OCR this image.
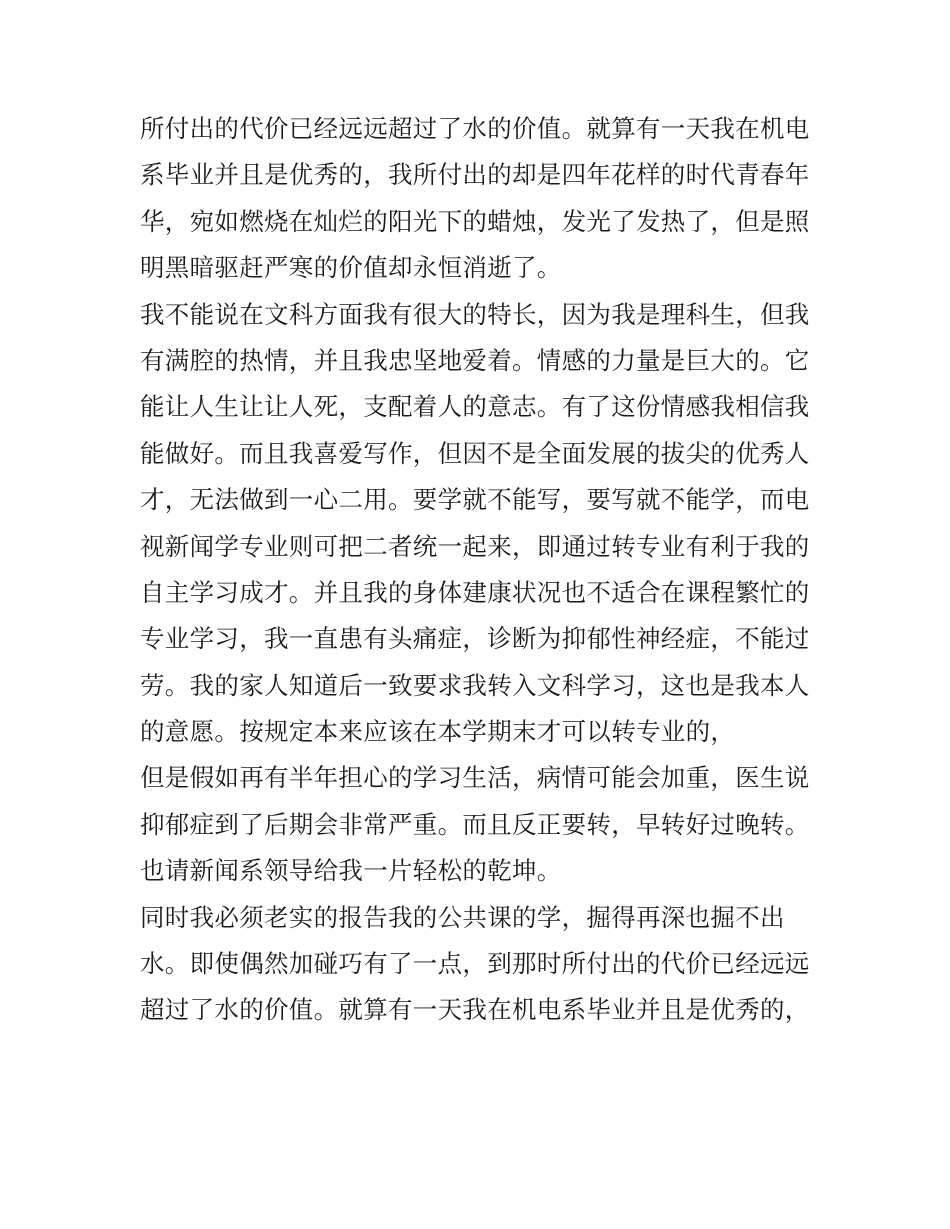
所付出的代价已经远远超过了水的价值。就算有一天我在机电
系毕业并且是优秀的，我所付出的却是四年花样的时代青春年
华，宛如燃烧在灿烂的阳光下的蜡烛，发光了发热了，但是照
明黑暗驱赶严寒的价值却永恒消逝了。
我不能说在文科方面我有很大的特长，因为我是理科生，但我
有满腔的热情，并且我忠坚地爱着。情感的力量是巨大的。它
能让人生让让人死，支配着人的意志。有了这份情感我相信我
能做好。而且我喜爱写作，但因不是全面发展的拔尖的优秀人
才，无法做到一心二用。要学就不能写，要写就不能学，而电
视新闻学专业则可把二者统一起来，即通过转专业有利于我的
自主学习成才。并且我的身体建康状况也不适合在课程繁忙的
专业学习，我一直患有头痛症，诊断为抑郁性神经症，不能过
劳。我的家人知道后一致要求我转入文科学习，这也是我本人
的意愿。按规定本来应该在本学期末才可以转专业的，
但是假如再有半年担心的学习生活，病情可能会加重，医生说
抑郁症到了后期会非常严重。而且反正要转，早转好过晚转。
也请新闻系领导给我一片轻松的乾坤。
同时我必须老实的报告我的公共课的学，掘得再深也掘不出
水。即使偶然加碰巧有了一点，到那时所付出的代价已经远远
超过了水的价值。就算有一天我在机电系毕业并且是优秀的，
